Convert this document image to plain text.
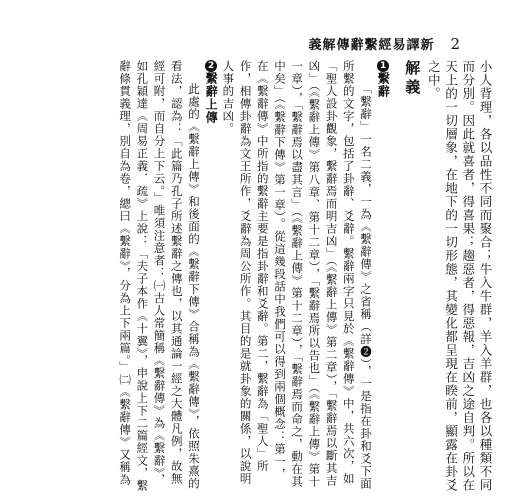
義解傳辭繫經易譯新 2

小人背理，各以品性不同而聚合；牛入牛群，羊入羊群，也各以種類不同而分別。因此就喜者，得喜果；趨惡者，得惡報，吉凶之途自判。所以在天上的一切層象，在地下的一切形態，其變化都呈現在睽前，顯露在卦爻之中。

解義
1繫辭

「繫辭」一名二義，一為《繫辭傳》之省稱（詳❷），一是指在卦和爻下面所繫的文字，包括了卦辭、爻辭。繫辭兩字只見於《繫辭傳》中，共六次，如「聖人設卦觀象，繫辭焉而明吉凶」（《繫辭上傳》第二章），「繫辭焉以斷其吉凶」（《繫辭上傳》第八章、第十二章），「繫辭焉所以告也」（《繫辭上傳》第十一章），「繫辭焉以盡其言」（《繫辭上傳》第十二章），「繫辭焉而命之，動在其中矣」（《繫辭下傳》第一章）。從這幾段話中我們可以得到兩個概念：第一，在《繫辭傳》中所指的繫辭主要是指卦辭和爻辭。第二，繫辭為「聖人」所作，相傳卦辭為文王所作，爻辭為周公所作。其目的是就卦象的關係，以說明人事的吉凶。

2繫辭上傳

此處的《繫辭上傳》和後面的《繫辭下傳》合稱為《繫辭傳》，依照朱熹的看法，認為：「此篇乃孔子所述繫辭之傳也，以其通論一經之大體凡例，故無經可附，而自分上下云。」唯須注意者：㈠古人常簡稱《繫辭傳》為《繫辭》，如孔穎達《周易正義．疏》上說：「夫子本作《十翼》，申說上下二篇經文，繫辭條貫義理，別自為卷，總曰《繫辭》，分為上下兩篇。」㈡《繫辭傳》又稱為
